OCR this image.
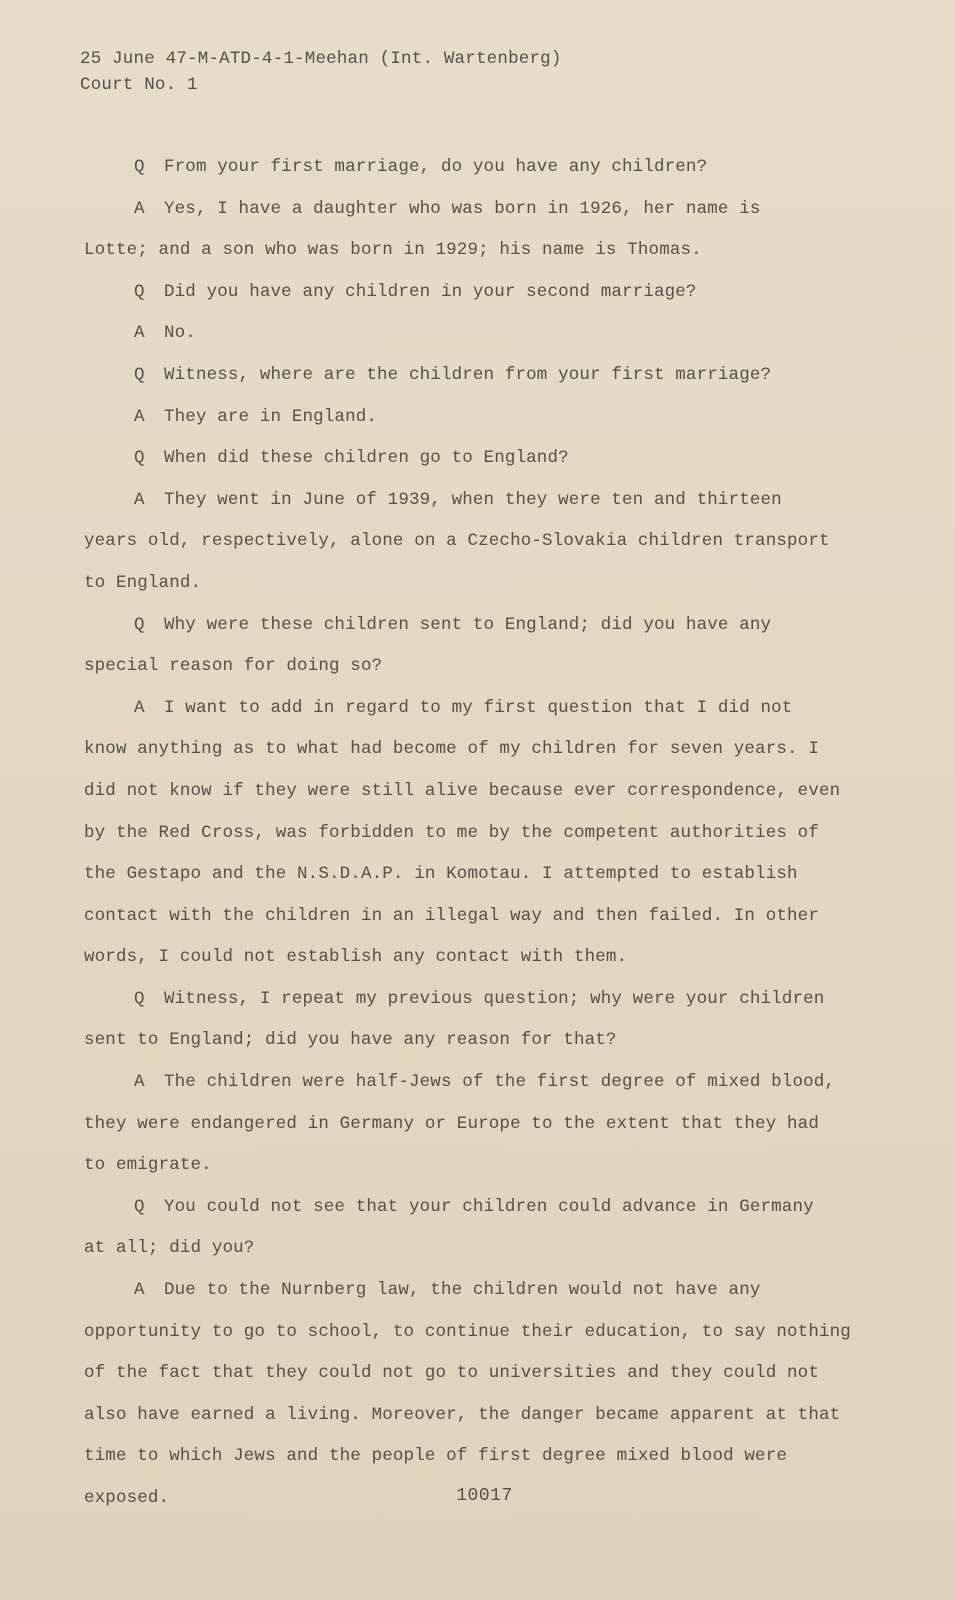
25 June 47-M-ATD-4-1-Meehan (Int. Wartenberg)
Court No. 1
Q From your first marriage, do you have any children?
A Yes, I have a daughter who was born in 1926, her name is
Lotte; and a son who was born in 1929; his name is Thomas.
Q Did you have any children in your second marriage?
A No.
Q Witness, where are the children from your first marriage?
A They are in England.
Q When did these children go to England?
A They went in June of 1939, when they were ten and thirteen
years old, respectively, alone on a Czecho-Slovakia children transport
to England.
Q Why were these children sent to England; did you have any
special reason for doing so?
A I want to add in regard to my first question that I did not
know anything as to what had become of my children for seven years. I
did not know if they were still alive because ever correspondence, even
by the Red Cross, was forbidden to me by the competent authorities of
the Gestapo and the N.S.D.A.P. in Komotau. I attempted to establish
contact with the children in an illegal way and then failed. In other
words, I could not establish any contact with them.
Q Witness, I repeat my previous question; why were your children
sent to England; did you have any reason for that?
A The children were half-Jews of the first degree of mixed blood,
they were endangered in Germany or Europe to the extent that they had
to emigrate.
Q You could not see that your children could advance in Germany
at all; did you?
A Due to the Nurnberg law, the children would not have any
opportunity to go to school, to continue their education, to say nothing
of the fact that they could not go to universities and they could not
also have earned a living. Moreover, the danger became apparent at that
time to which Jews and the people of first degree mixed blood were exposed.	10017
